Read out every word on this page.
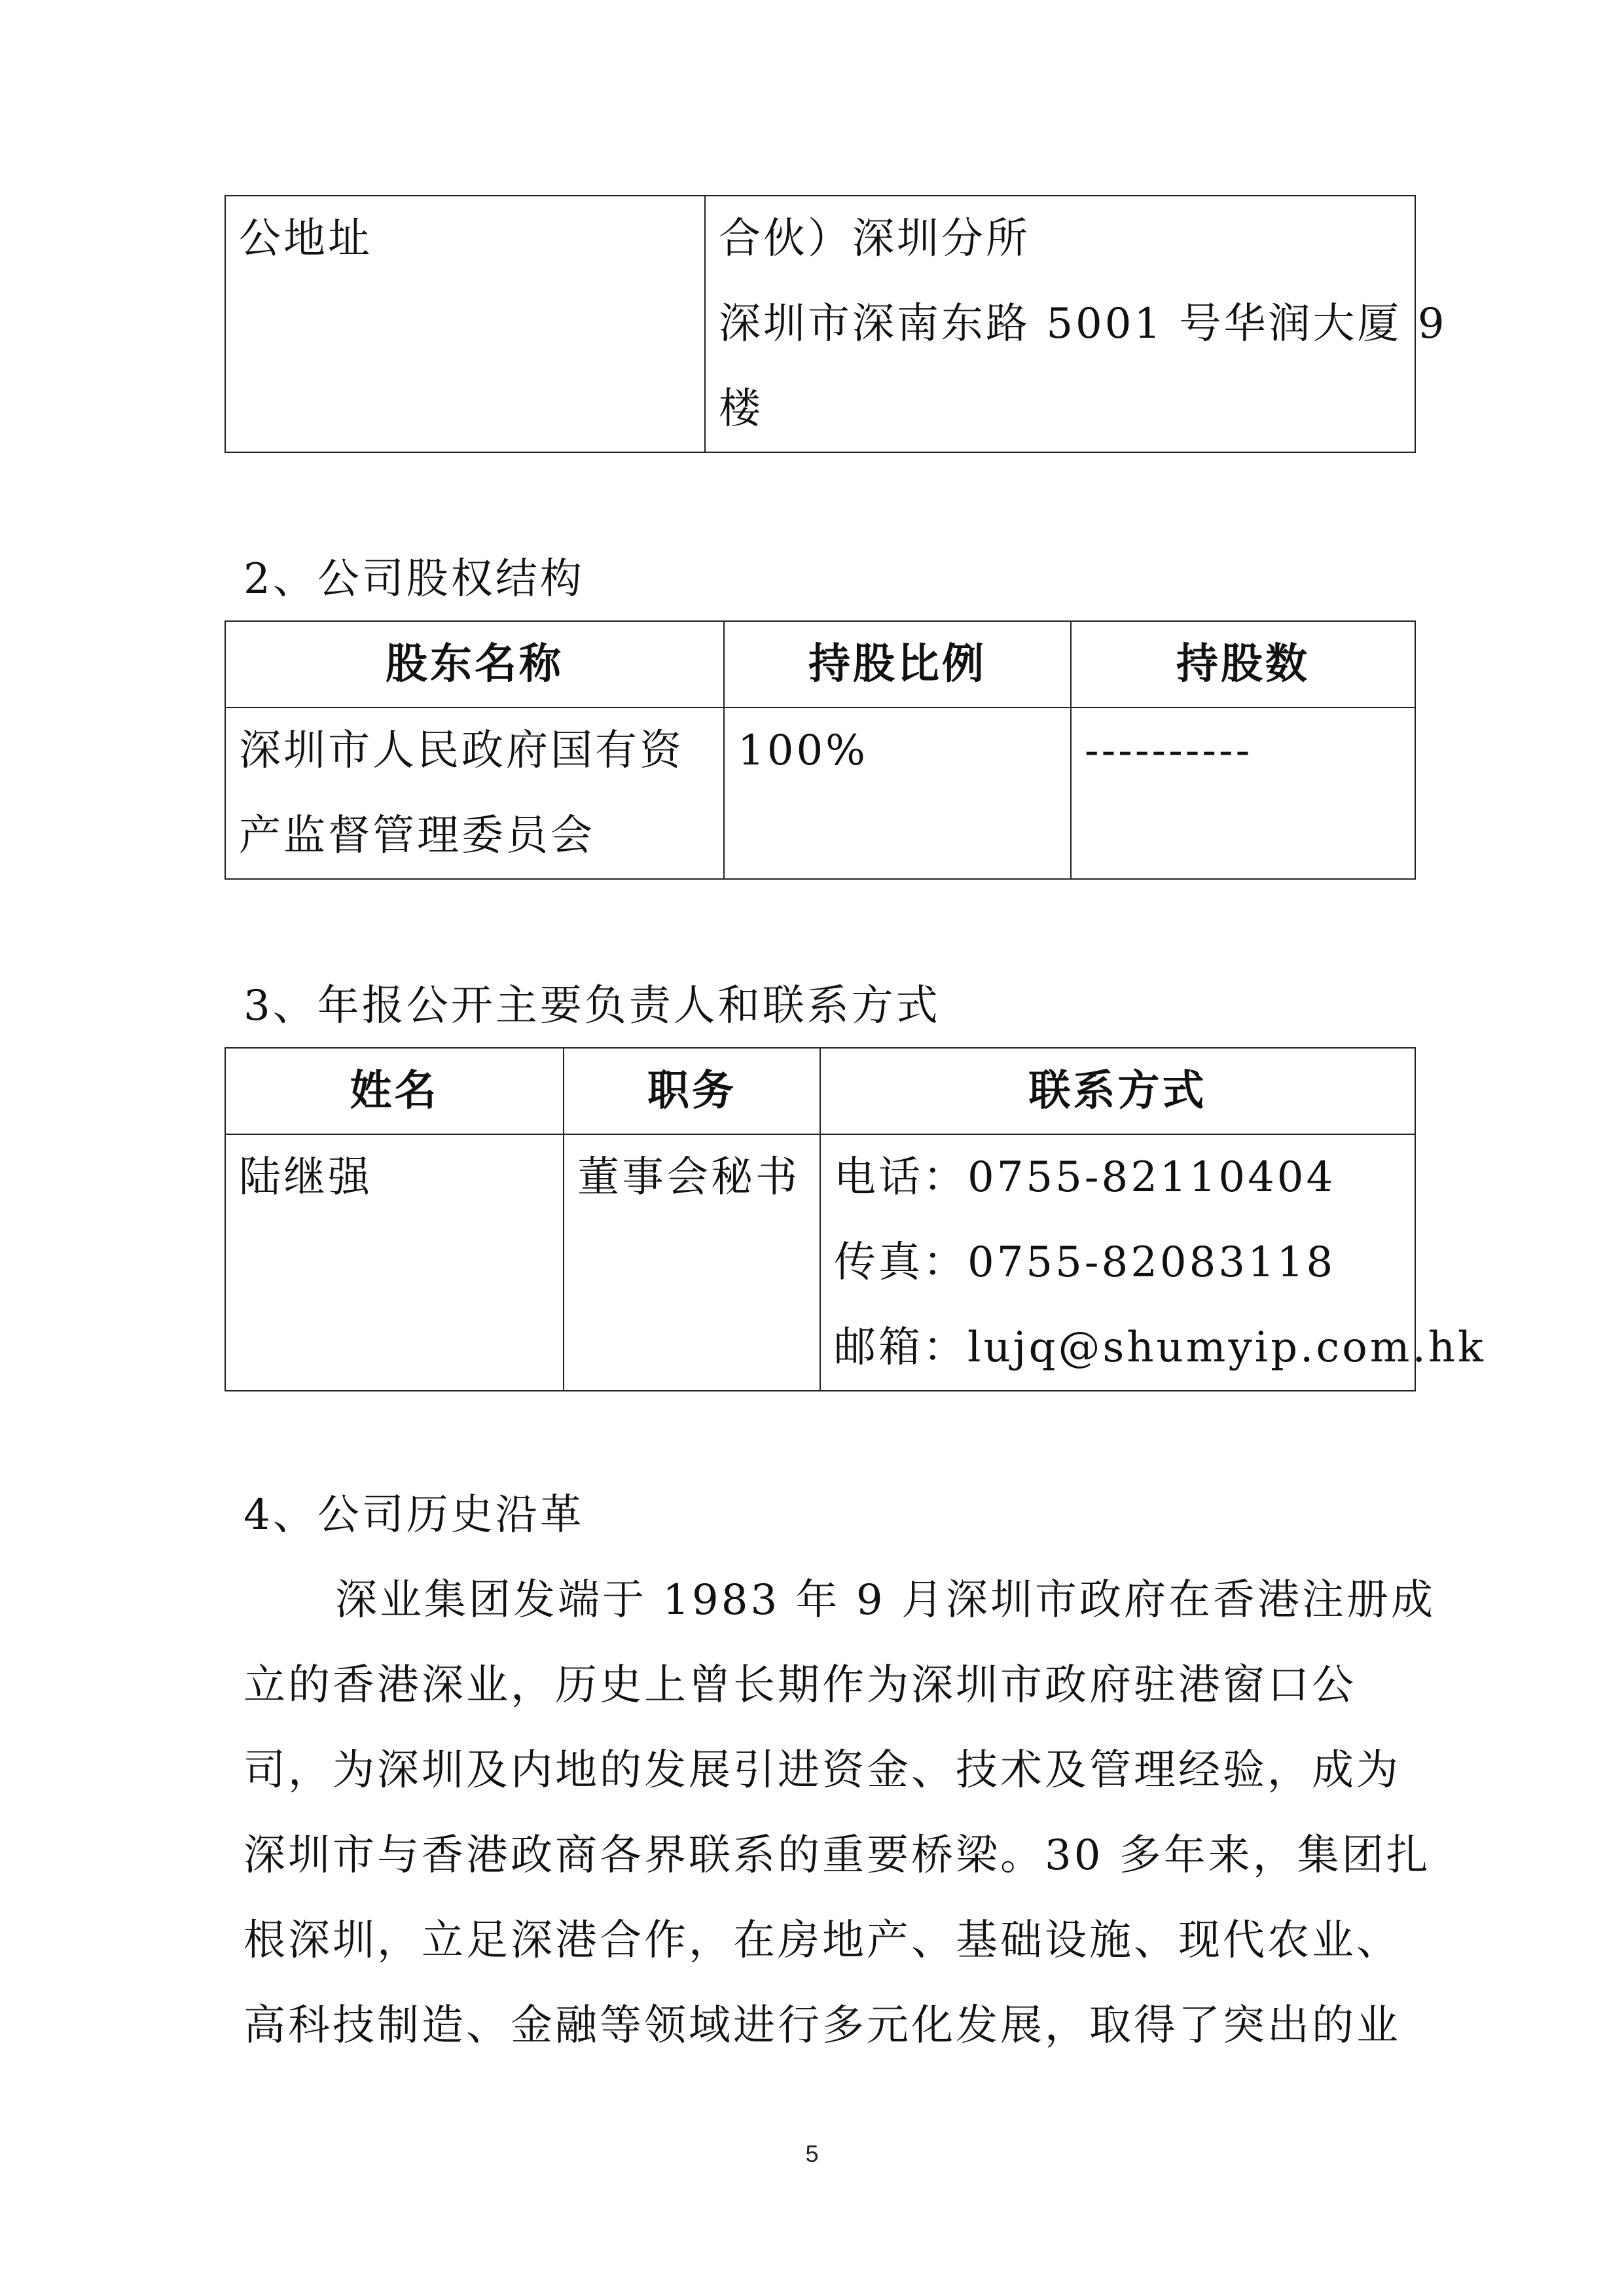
公地址	合伙）深圳分所
深圳市深南东路 5001 号华润大厦 9
楼
2、公司股权结构
股东名称	持股比例	持股数

深圳市人民政府国有资
产监督管理委员会	100%	----------
3、年报公开主要负责人和联系方式
姓名	职务	联系方式

陆继强	董事会秘书	电话：0755-82110404
传真：0755-82083118
邮箱：lujq@shumyip.com.hk
4、公司历史沿革
深业集团发端于 1983 年 9 月深圳市政府在香港注册成
立的香港深业，历史上曾长期作为深圳市政府驻港窗口公
司，为深圳及内地的发展引进资金、技术及管理经验，成为
深圳市与香港政商各界联系的重要桥梁。30 多年来，集团扎
根深圳，立足深港合作，在房地产、基础设施、现代农业、
高科技制造、金融等领域进行多元化发展，取得了突出的业
5
